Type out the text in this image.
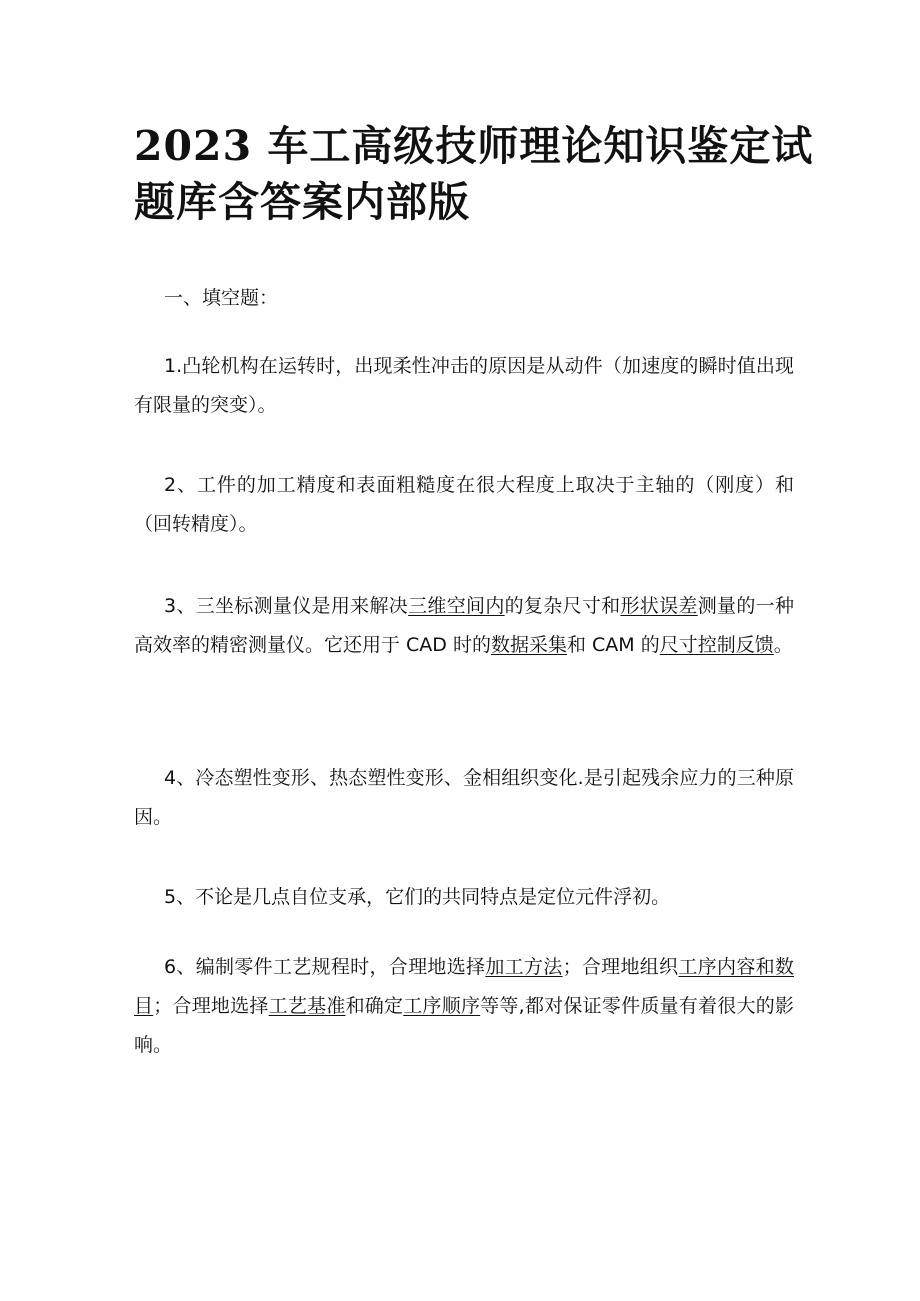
2023 车工高级技师理论知识鉴定试题库含答案内部版

一、填空题：

1.凸轮机构在运转时，出现柔性冲击的原因是从动件（加速度的瞬时值出现有限量的突变）。

2、工件的加工精度和表面粗糙度在很大程度上取决于主轴的（刚度）和（回转精度）。

3、三坐标测量仪是用来解决三维空间内的复杂尺寸和形状误差测量的一种高效率的精密测量仪。它还用于 CAD 时的数据采集和 CAM 的尺寸控制反馈。

4、冷态塑性变形、热态塑性变形、金相组织变化.是引起残余应力的三种原因。

5、不论是几点自位支承，它们的共同特点是定位元件浮初。

6、编制零件工艺规程时，合理地选择加工方法；合理地组织工序内容和数目；合理地选择工艺基准和确定工序顺序等等,都对保证零件质量有着很大的影响。
